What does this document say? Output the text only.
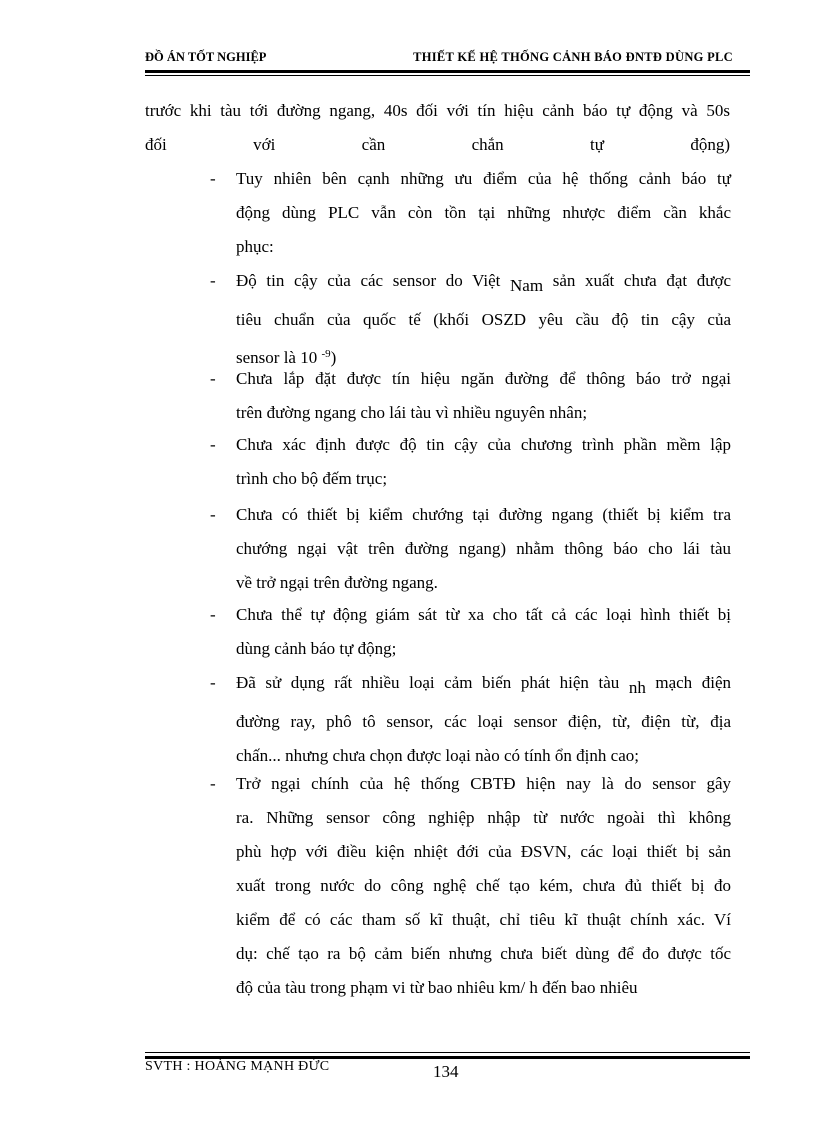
ĐỒ ÁN TỐT NGHIỆP	THIẾT KẾ HỆ THỐNG CẢNH BÁO ĐNTĐ DÙNG PLC
trước khi tàu tới đường ngang, 40s đối với tín hiệu cảnh báo tự động và 50s
đối với cần chắn tự động)
- Tuy nhiên bên cạnh những ưu điểm của hệ thống cảnh báo tự
động dùng PLC vẫn còn tồn tại những nhược điểm cần khắc
phục:
- Độ tin cậy của các sensor do Việt Nam sản xuất chưa đạt được
tiêu chuẩn của quốc tế (khối OSZD yêu cầu độ tin cậy của
sensor là 10 $^{-9}$)
- Chưa lắp đặt được tín hiệu ngăn đường để thông báo trở ngại
trên đường ngang cho lái tàu vì nhiều nguyên nhân;
- Chưa xác định được độ tin cậy của chương trình phần mềm lập
trình cho bộ đếm trục;
- Chưa có thiết bị kiểm chướng tại đường ngang (thiết bị kiểm tra
chướng ngại vật trên đường ngang) nhằm thông báo cho lái tàu
về trở ngại trên đường ngang.
- Chưa thể tự động giám sát từ xa cho tất cả các loại hình thiết bị
dùng cảnh báo tự động;
- Đã sử dụng rất nhiều loại cảm biến phát hiện tàu nh mạch điện
đường ray, phô tô sensor, các loại sensor điện, từ, điện từ, địa
chấn... nhưng chưa chọn được loại nào có tính ổn định cao;
- Trở ngại chính của hệ thống CBTĐ hiện nay là do sensor gây
ra. Những sensor công nghiệp nhập từ nước ngoài thì không
phù hợp với điều kiện nhiệt đới của ĐSVN, các loại thiết bị sản
xuất trong nước do công nghệ chế tạo kém, chưa đủ thiết bị đo
kiểm để có các tham số kĩ thuật, chỉ tiêu kĩ thuật chính xác. Ví
dụ: chế tạo ra bộ cảm biến nhưng chưa biết dùng để đo được tốc
độ của tàu trong phạm vi từ bao nhiêu km/ h đến bao nhiêu
SVTH : HOÀNG MẠNH ĐỨC	134
